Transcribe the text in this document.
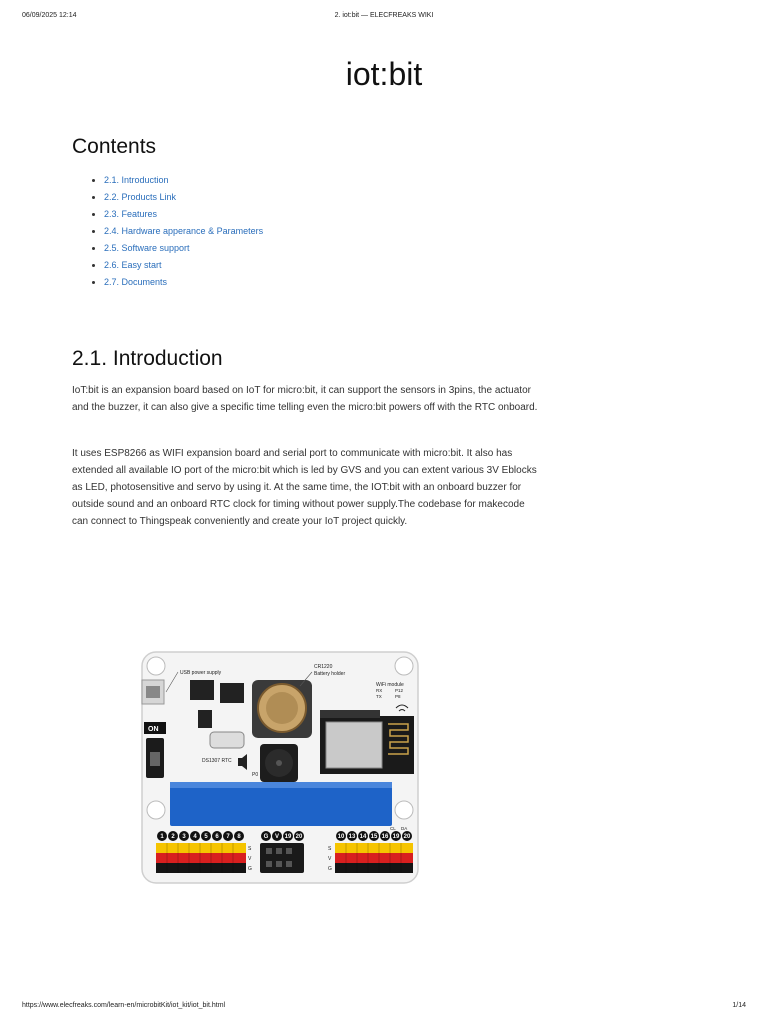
06/09/2025 12:14	2. iot:bit — ELECFREAKS WIKI
iot:bit
Contents
• 2.1. Introduction
• 2.2. Products Link
• 2.3. Features
• 2.4. Hardware apperance & Parameters
• 2.5. Software support
• 2.6. Easy start
• 2.7. Documents
2.1. Introduction

IoT:bit is an expansion board based on IoT for micro:bit, it can support the sensors in 3pins, the actuator and the buzzer, it can also give a specific time telling even the micro:bit powers off with the RTC onboard.

It uses ESP8266 as WIFI expansion board and serial port to communicate with micro:bit. It also has extended all available IO port of the micro:bit which is led by GVS and you can extent various 3V Eblocks as LED, photosensitive and servo by using it. At the same time, the IOT:bit with an onboard buzzer for outside sound and an onboard RTC clock for timing without power supply.The codebase for makecode can connect to Thingspeak conveniently and create your IoT project quickly.

USB power supply
ON
DS1307 RTC
CR1220
Battery holder
P0
WiFi module
RX
TX
P12
P8
1 2 3 4 5 6 7 8	G V 19 20	10 13 14 15 16 19 20
CL DA
S
V
G
S
V
G
https://www.elecfreaks.com/learn-en/microbitKit/iot_kit/iot_bit.html	1/14
